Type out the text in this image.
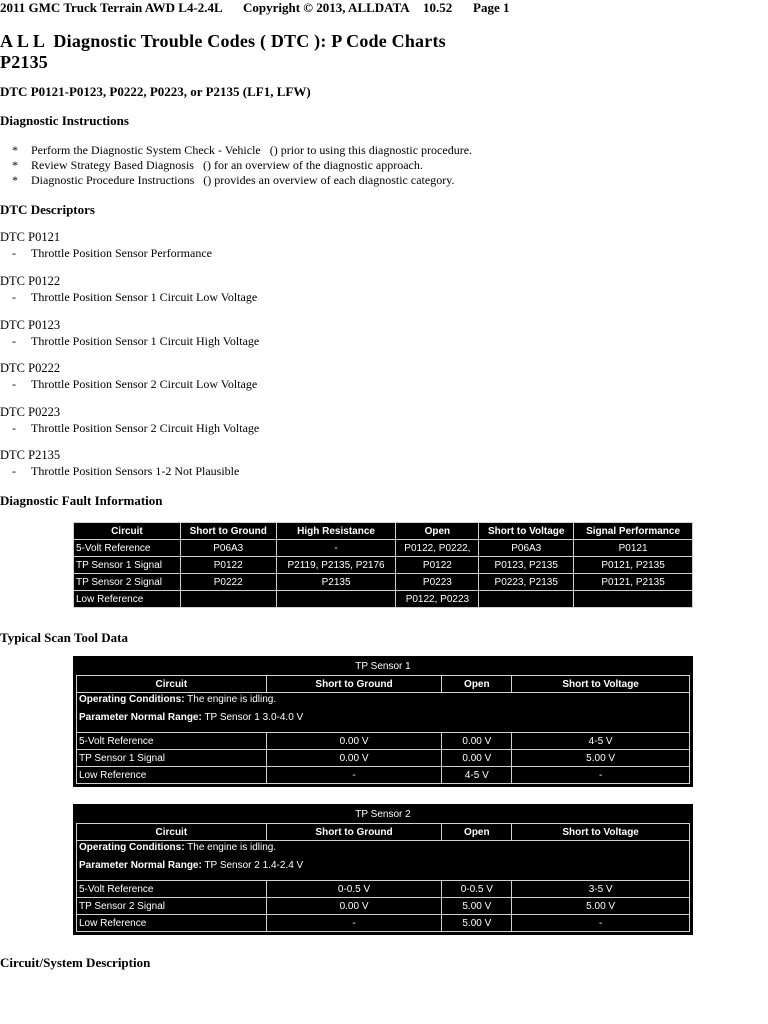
2011 GMC Truck Terrain AWD L4-2.4L Copyright © 2013, ALLDATA 10.52 Page 1
A L L  Diagnostic Trouble Codes ( DTC ): P Code Charts
P2135
DTC P0121-P0123, P0222, P0223, or P2135 (LF1, LFW)
Diagnostic Instructions
*	Perform the Diagnostic System Check - Vehicle   () prior to using this diagnostic procedure.
*	Review Strategy Based Diagnosis   () for an overview of the diagnostic approach.
*	Diagnostic Procedure Instructions   () provides an overview of each diagnostic category.
DTC Descriptors
DTC P0121
- Throttle Position Sensor Performance
DTC P0122
- Throttle Position Sensor 1 Circuit Low Voltage
DTC P0123
- Throttle Position Sensor 1 Circuit High Voltage
DTC P0222
- Throttle Position Sensor 2 Circuit Low Voltage
DTC P0223
- Throttle Position Sensor 2 Circuit High Voltage
DTC P2135
- Throttle Position Sensors 1-2 Not Plausible
Diagnostic Fault Information
Circuit	Short to Ground	High Resistance	Open	Short to Voltage	Signal Performance
5-Volt Reference	P06A3	-	P0122, P0222,	P06A3	P0121
TP Sensor 1 Signal	P0122	P2119, P2135, P2176	P0122	P0123, P2135	P0121, P2135
TP Sensor 2 Signal	P0222	P2135	P0223	P0223, P2135	P0121, P2135
Low Reference			P0122, P0223		
Typical Scan Tool Data
TP Sensor 1
Circuit	Short to Ground	Open	Short to Voltage

Operating Conditions: The engine is idling.
Parameter Normal Range: TP Sensor 1 3.0-4.0 V			

5-Volt Reference	0.00 V	0.00 V	4-5 V
TP Sensor 1 Signal	0.00 V	0.00 V	5.00 V
Low Reference	-	4-5 V	-
TP Sensor 2
Circuit	Short to Ground	Open	Short to Voltage

Operating Conditions: The engine is idling.
Parameter Normal Range: TP Sensor 2 1.4-2.4 V			

5-Volt Reference	0-0.5 V	0-0.5 V	3-5 V
TP Sensor 2 Signal	0.00 V	5.00 V	5.00 V
Low Reference	-	5.00 V	-
Circuit/System Description
